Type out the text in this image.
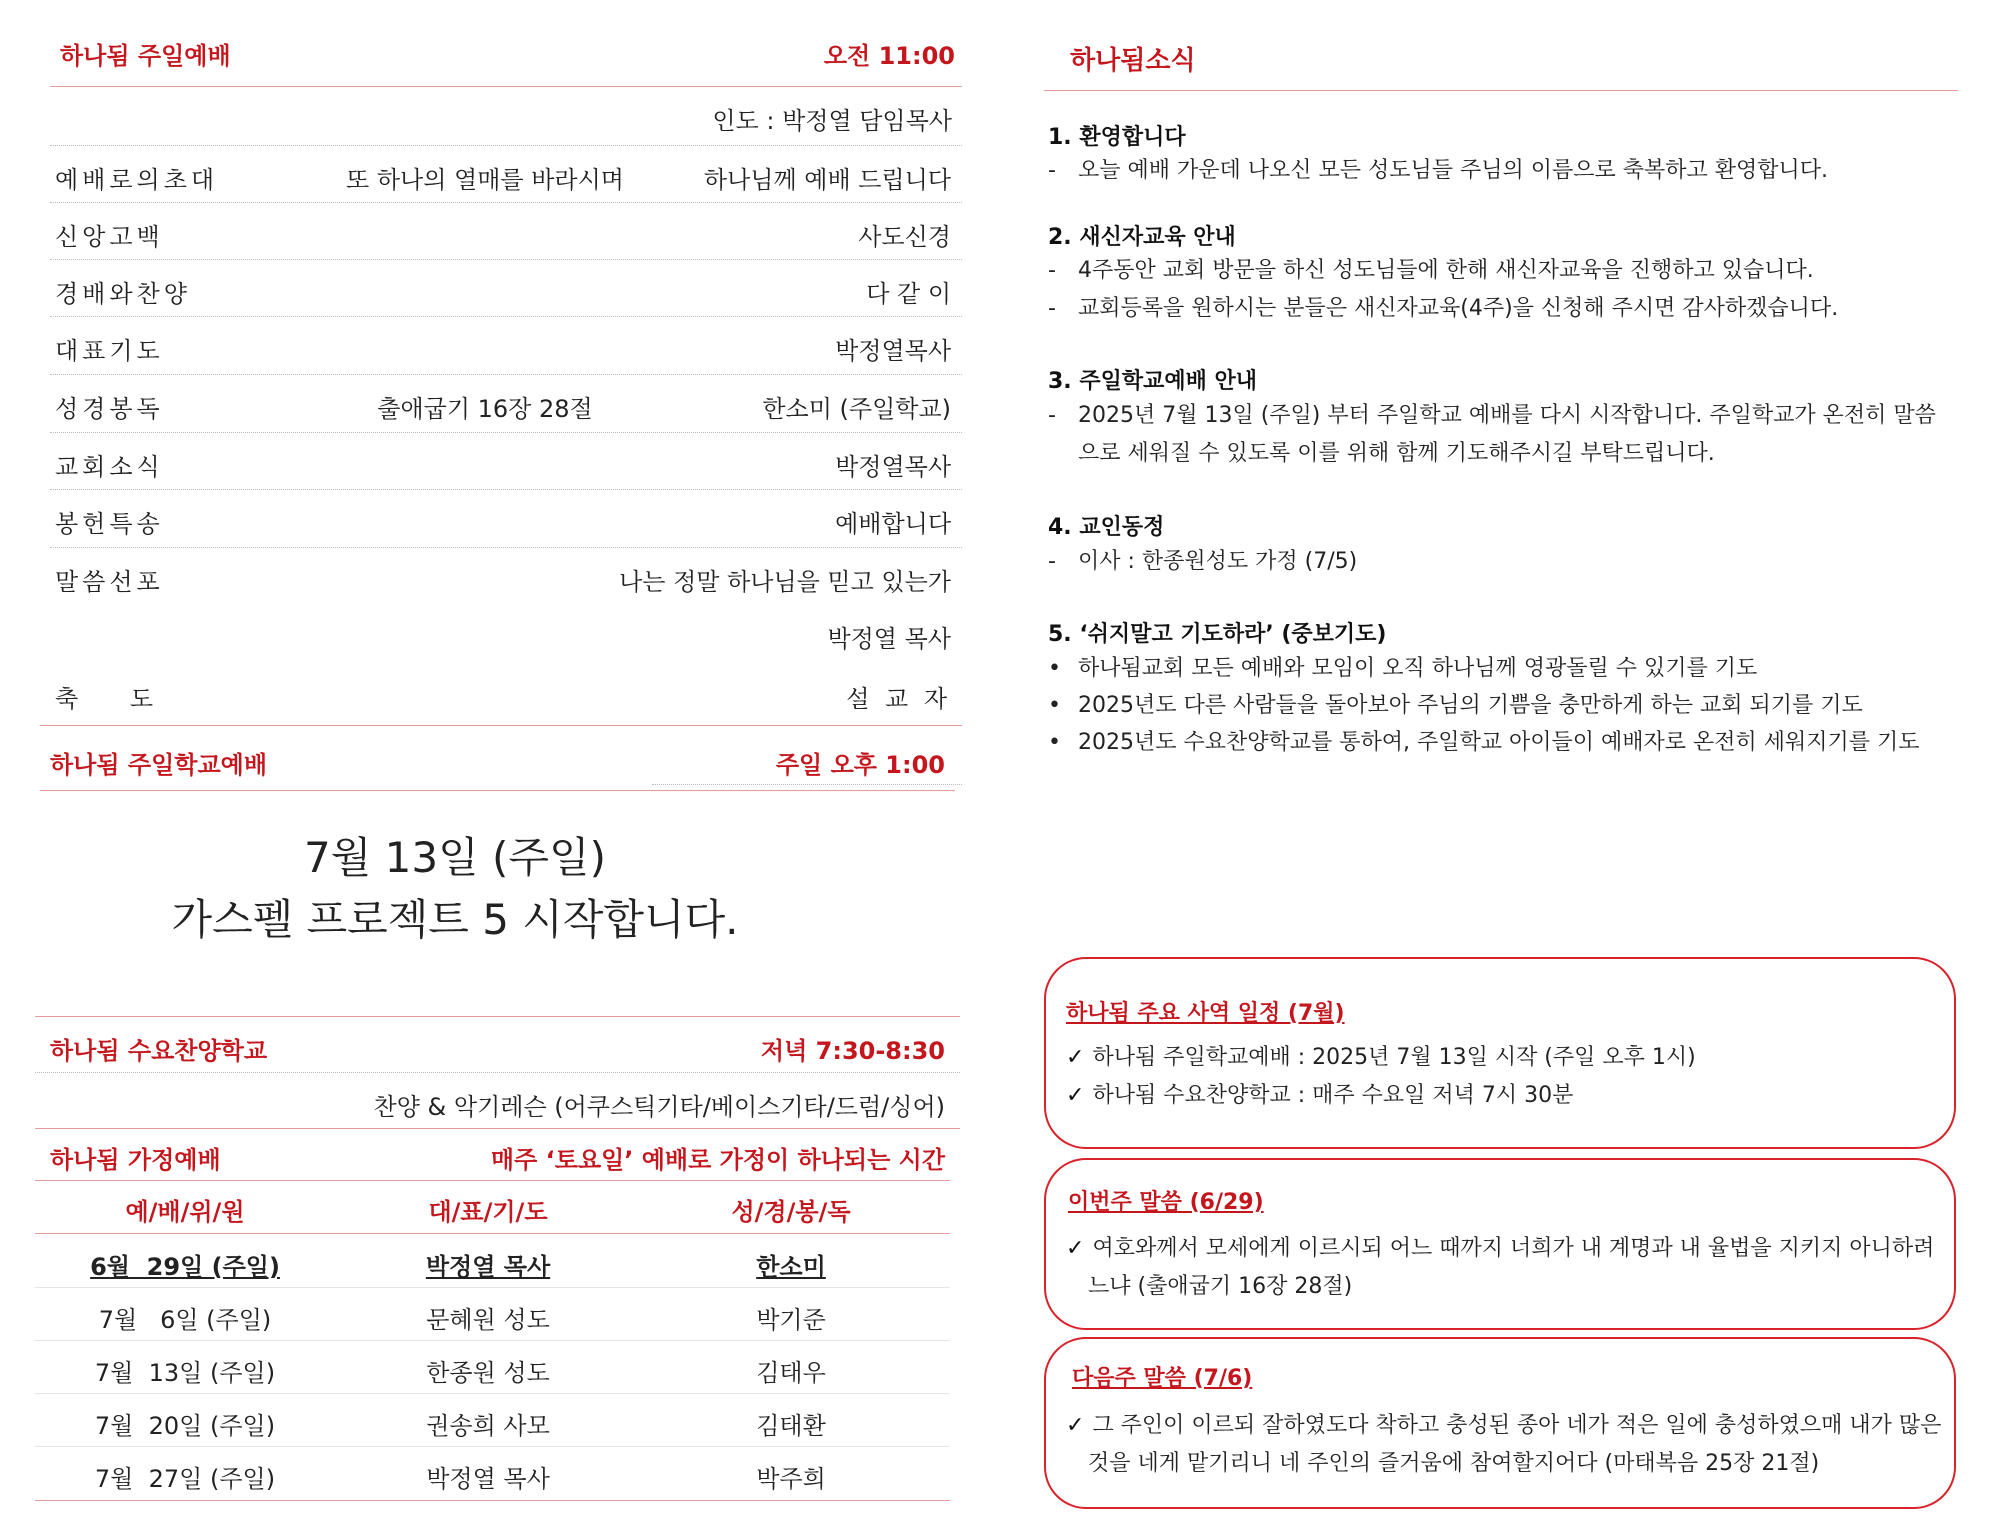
하나됨 주일예배	오전 11:00
인도 : 박정열 담임목사
예배로의초대	또 하나의 열매를 바라시며	하나님께 예배 드립니다
신앙고백	사도신경
경배와찬양	다 같 이
대표기도	박정열목사
성경봉독	출애굽기 16장 28절	한소미 (주일학교)
교회소식	박정열목사
봉헌특송	예배합니다
말씀선포	나는 정말 하나님을 믿고 있는가
박정열 목사
축 도	설 교 자
하나됨 주일학교예배	주일 오후 1:00
7월 13일 (주일)
가스펠 프로젝트 5 시작합니다.
하나됨 수요찬양학교	저녁 7:30-8:30
찬양 & 악기레슨 (어쿠스틱기타/베이스기타/드럼/싱어)
하나됨 가정예배	매주 ‘토요일’ 예배로 가정이 하나되는 시간
예/배/위/원	대/표/기/도	성/경/봉/독
6월  29일 (주일)	박정열 목사	한소미
7월   6일 (주일)	문혜원 성도	박기준
7월  13일 (주일)	한종원 성도	김태우
7월  20일 (주일)	권송희 사모	김태환
7월  27일 (주일)	박정열 목사	박주희
하나됨소식
1. 환영합니다
-	오늘 예배 가운데 나오신 모든 성도님들 주님의 이름으로 축복하고 환영합니다.
2. 새신자교육 안내
-	4주동안 교회 방문을 하신 성도님들에 한해 새신자교육을 진행하고 있습니다.
-	교회등록을 원하시는 분들은 새신자교육(4주)을 신청해 주시면 감사하겠습니다.
3. 주일학교예배 안내
-	2025년 7월 13일 (주일) 부터 주일학교 예배를 다시 시작합니다. 주일학교가 온전히 말씀
으로 세워질 수 있도록 이를 위해 함께 기도해주시길 부탁드립니다.
4. 교인동정
-	이사 : 한종원성도 가정 (7/5)
5. ‘쉬지말고 기도하라’ (중보기도)
• 하나됨교회 모든 예배와 모임이 오직 하나님께 영광돌릴 수 있기를 기도
• 2025년도 다른 사람들을 돌아보아 주님의 기쁨을 충만하게 하는 교회 되기를 기도
• 2025년도 수요찬양학교를 통하여, 주일학교 아이들이 예배자로 온전히 세워지기를 기도
하나됨 주요 사역 일정 (7월)
✓ 하나됨 주일학교예배 : 2025년 7월 13일 시작 (주일 오후 1시)
✓ 하나됨 수요찬양학교 : 매주 수요일 저녁 7시 30분
이번주 말씀 (6/29)
✓ 여호와께서 모세에게 이르시되 어느 때까지 너희가 내 계명과 내 율법을 지키지 아니하려
느냐 (출애굽기 16장 28절)
다음주 말씀 (7/6)
✓ 그 주인이 이르되 잘하였도다 착하고 충성된 종아 네가 적은 일에 충성하였으매 내가 많은
것을 네게 맡기리니 네 주인의 즐거움에 참여할지어다 (마태복음 25장 21절)
